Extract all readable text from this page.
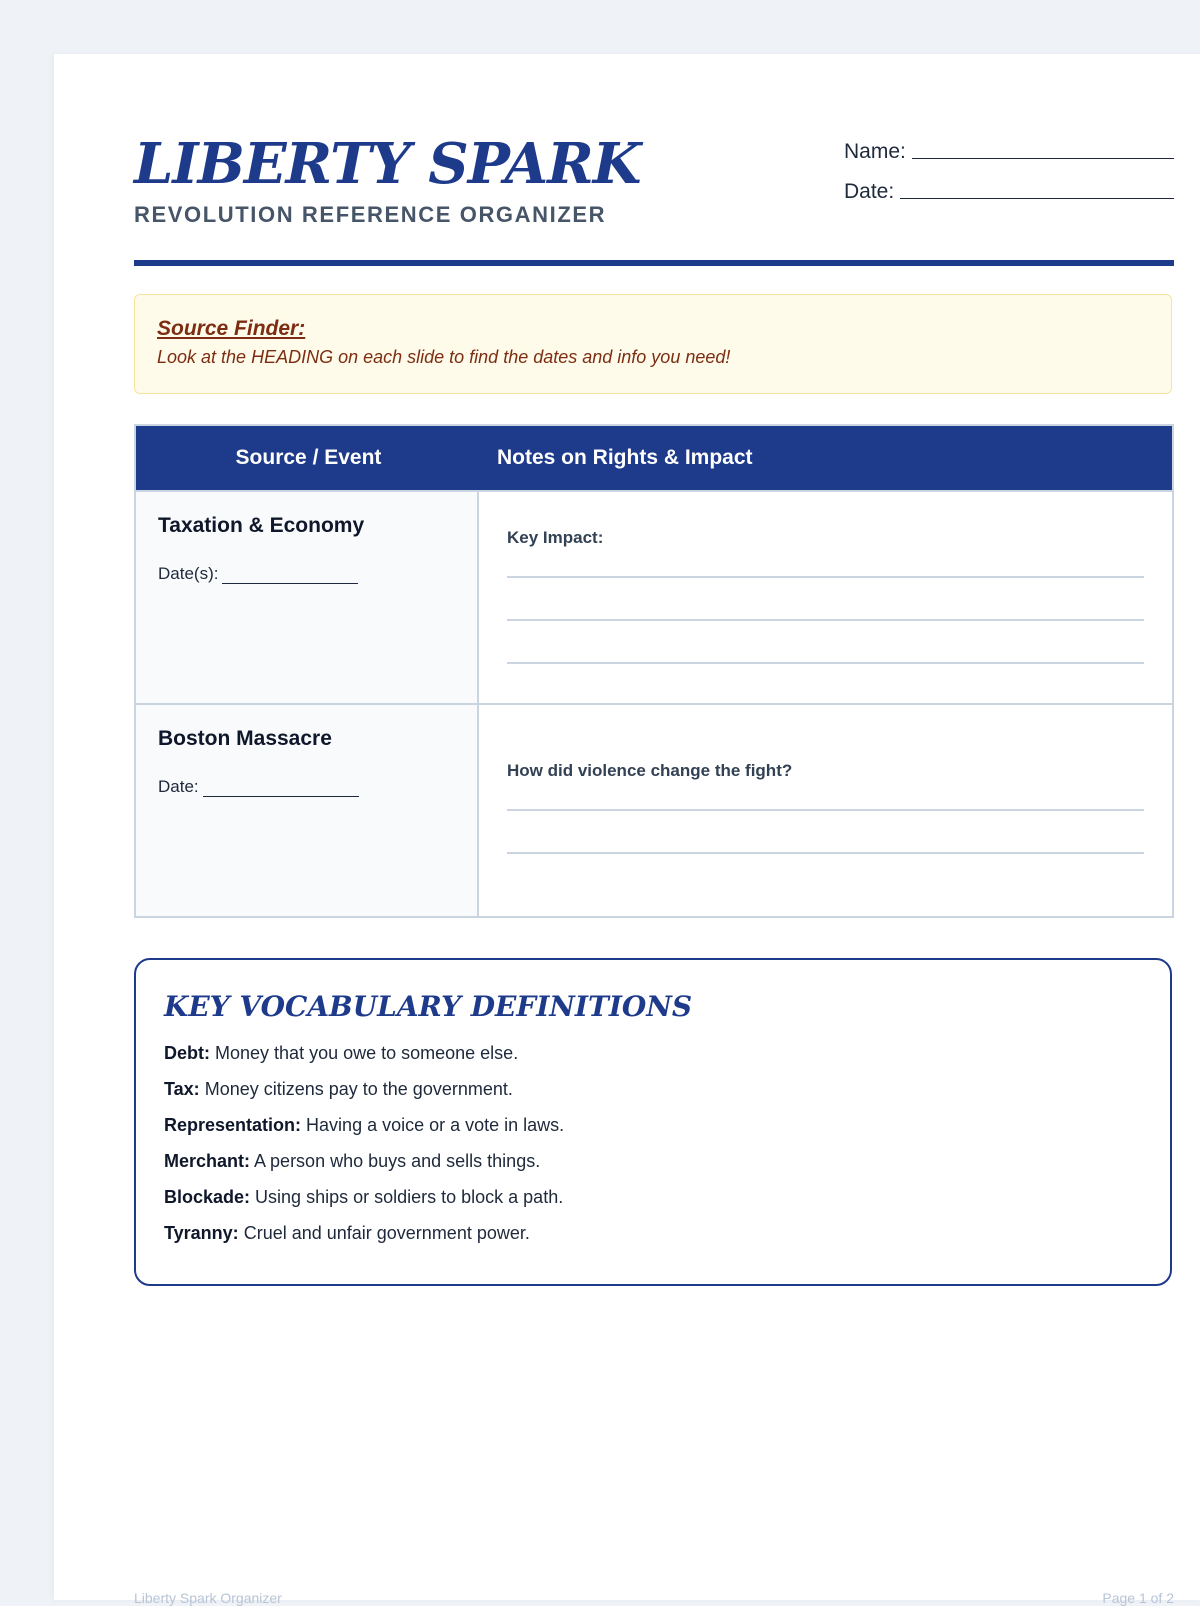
LIBERTY SPARK
REVOLUTION REFERENCE ORGANIZER
Name:
Date:
Source Finder:
Look at the HEADING on each slide to find the dates and info you need!
Source / Event	Notes on Rights & Impact
Taxation & Economy
Date(s):
Key Impact:
Boston Massacre
Date:
How did violence change the fight?
KEY VOCABULARY DEFINITIONS
Debt: Money that you owe to someone else.
Tax: Money citizens pay to the government.
Representation: Having a voice or a vote in laws.
Merchant: A person who buys and sells things.
Blockade: Using ships or soldiers to block a path.
Tyranny: Cruel and unfair government power.
Liberty Spark Organizer	Page 1 of 2
